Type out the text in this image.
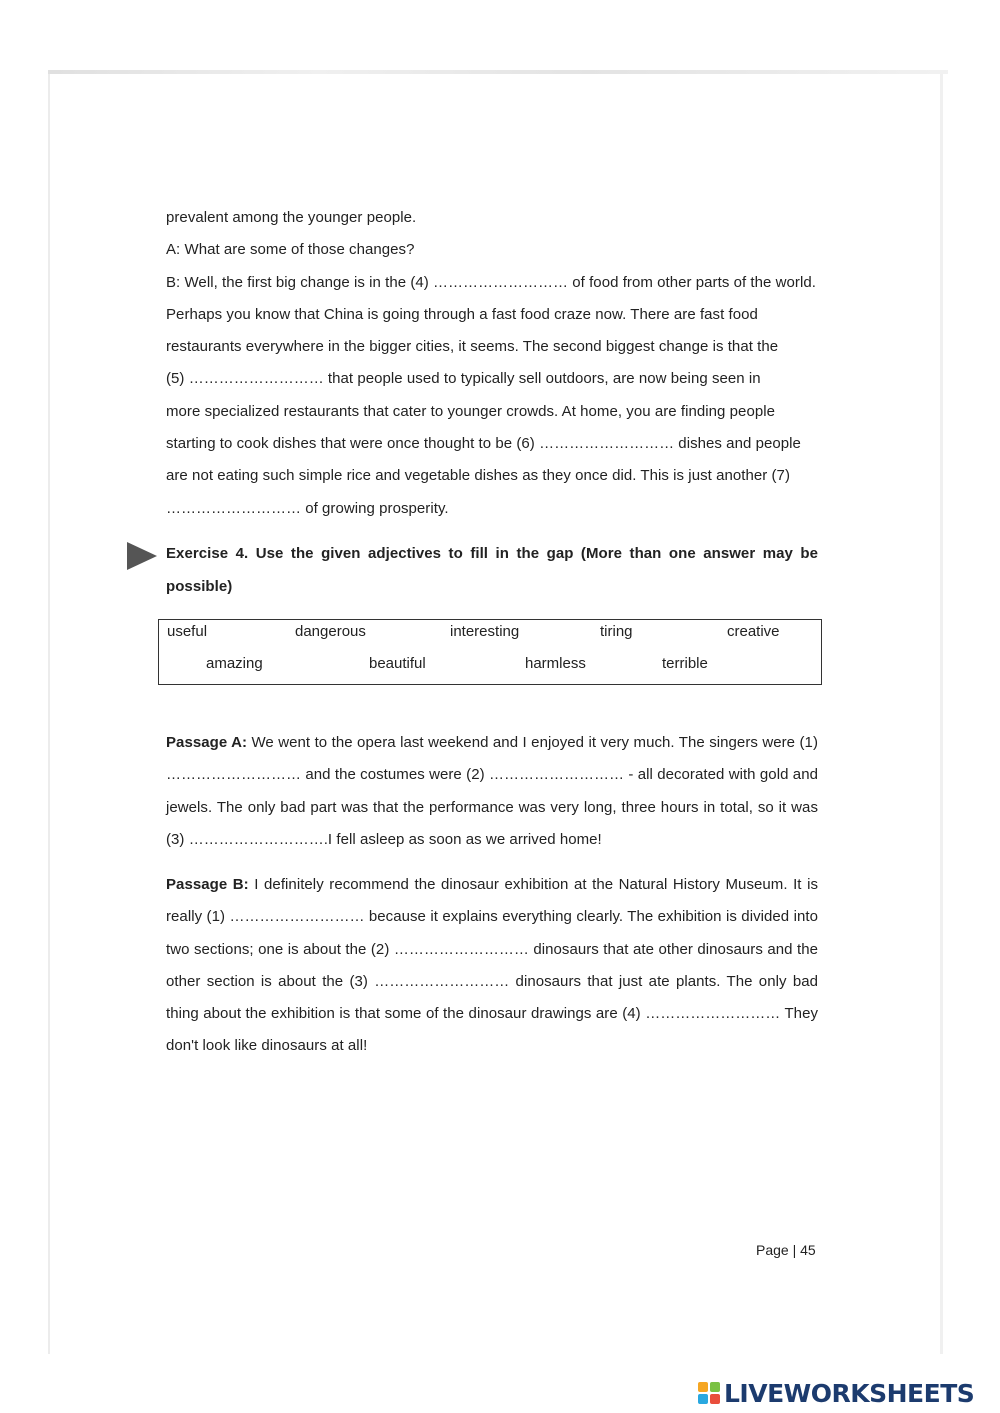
prevalent among the younger people.

A: What are some of those changes?

B: Well, the first big change is in the (4) ……………………… of food from other parts of the world.

Perhaps you know that China is going through a fast food craze now. There are fast food

restaurants everywhere in the bigger cities, it seems. The second biggest change is that the

(5) ……………………… that people used to typically sell outdoors, are now being seen in

more specialized restaurants that cater to younger crowds. At home, you are finding people

starting to cook dishes that were once thought to be (6) ……………………… dishes and people

are not eating such simple rice and vegetable dishes as they once did. This is just another (7)

……………………… of growing prosperity.

Exercise 4. Use the given adjectives to fill in the gap (More than one answer may be possible)
useful	dangerous	interesting	tiring	creative
amazing	beautiful	harmless	terrible
Passage A: We went to the opera last weekend and I enjoyed it very much. The singers were (1) ……………………… and the costumes were (2) ……………………… - all decorated with gold and jewels. The only bad part was that the performance was very long, three hours in total, so it was (3) ……………………….I fell asleep as soon as we arrived home!
Passage B: I definitely recommend the dinosaur exhibition at the Natural History Museum. It is really (1) ……………………… because it explains everything clearly. The exhibition is divided into two sections; one is about the (2) ……………………… dinosaurs that ate other dinosaurs and the other section is about the (3) ……………………… dinosaurs that just ate plants. The only bad thing about the exhibition is that some of the dinosaur drawings are (4) ……………………… They don't look like dinosaurs at all!
Page | 45
LIVEWORKSHEETS
